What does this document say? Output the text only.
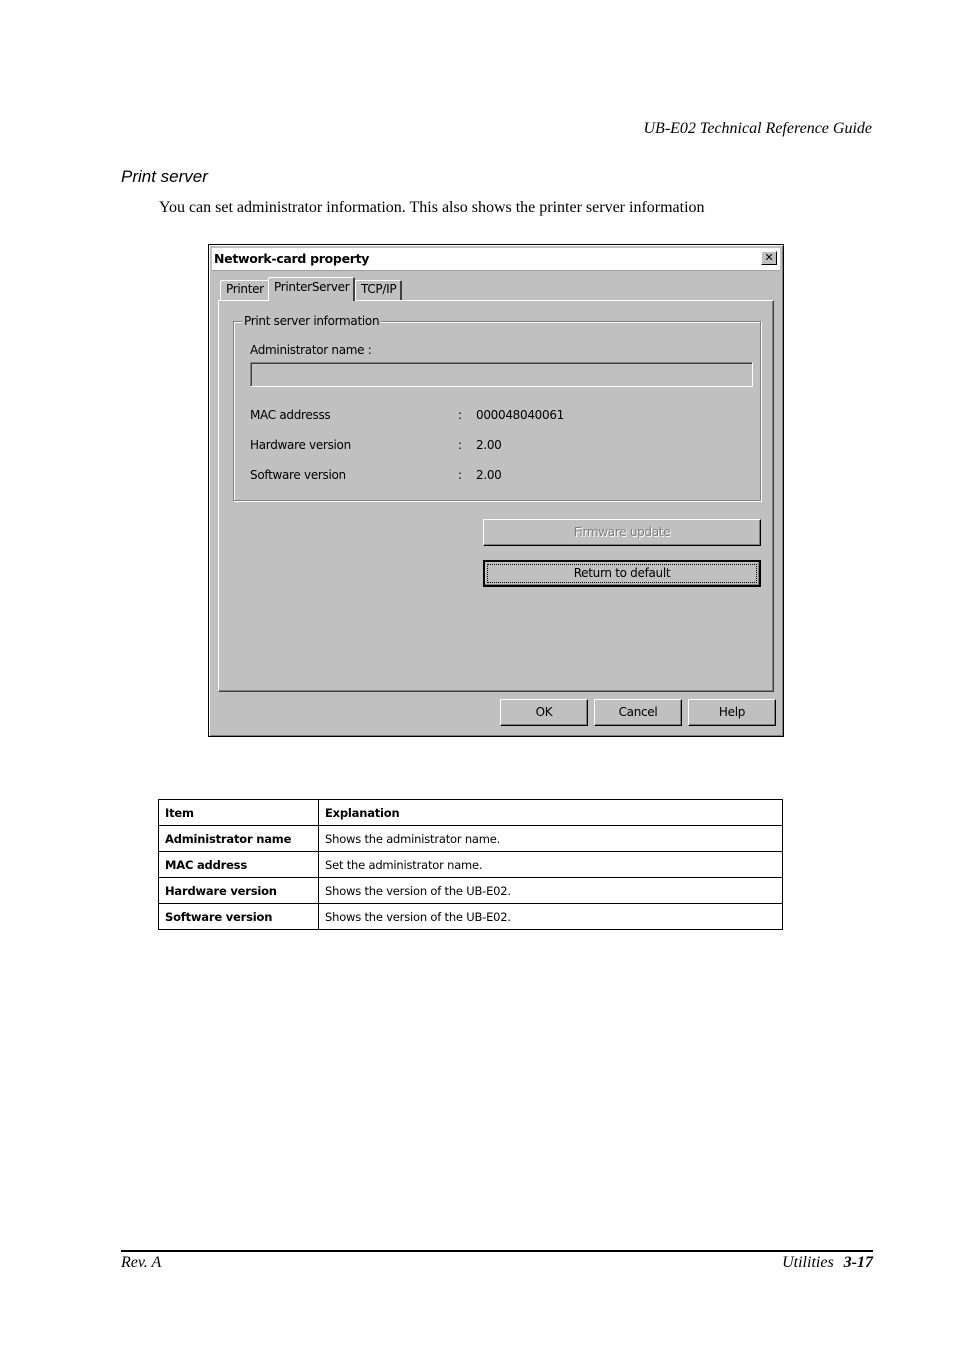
UB-E02 Technical Reference Guide
Print server
You can set administrator information. This also shows the printer server information
Network-card property	✕
Printer PrinterServer TCP/IP
Print server information
Administrator name :
MAC addresss	: 000048040061
Hardware version	: 2.00
Software version	: 2.00
Firmware update
Return to default
OK	Cancel	Help
Item	Explanation
Administrator name	Shows the administrator name.
MAC address	Set the administrator name.
Hardware version	Shows the version of the UB-E02.
Software version	Shows the version of the UB-E02.
Rev. A	Utilities 3-17
